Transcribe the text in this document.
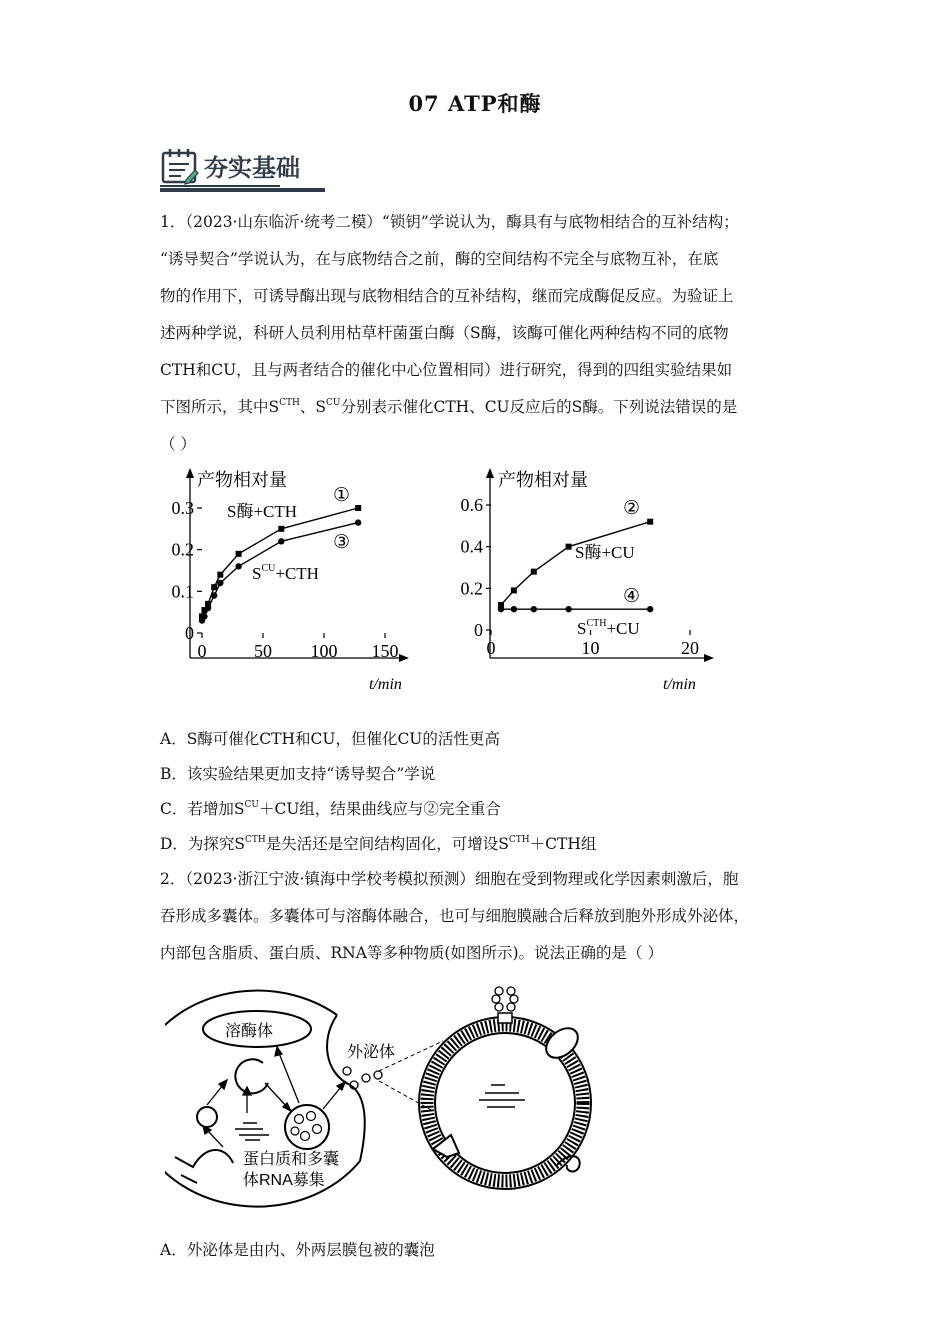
07 ATP和酶
夯实基础
1．（2023·山东临沂·统考二模）“锁钥”学说认为，酶具有与底物相结合的互补结构；
“诱导契合”学说认为，在与底物结合之前，酶的空间结构不完全与底物互补，在底
物的作用下，可诱导酶出现与底物相结合的互补结构，继而完成酶促反应。为验证上
述两种学说，科研人员利用枯草杆菌蛋白酶（S酶，该酶可催化两种结构不同的底物
CTH和CU，且与两者结合的催化中心位置相同）进行研究，得到的四组实验结果如
下图所示，其中$S^{CTH}$、$S^{CU}$分别表示催化CTH、CU反应后的S酶。下列说法错误的是
（ ）
产物相对量
t/min
0	50 100 150
0
0.1
0.2
0.3 S酶+CTH
①
③
$S^{CU}+CTH$
产物相对量
t/min
0	10	20
0
0.2
0.4
0.6	②
S酶+CU
④
$S^{CTH}+CU$
A．S酶可催化CTH和CU，但催化CU的活性更高
B．该实验结果更加支持“诱导契合”学说
C．若增加$S^{CU}+CU$组，结果曲线应与②完全重合
D．为探究$S^{CTH}$是失活还是空间结构固化，可增设$S^{CTH}+CTH$组
2．（2023·浙江宁波·镇海中学校考模拟预测）细胞在受到物理或化学因素刺激后，胞
吞形成多囊体。多囊体可与溶酶体融合，也可与细胞膜融合后释放到胞外形成外泌体，
内部包含脂质、蛋白质、RNA等多种物质(如图所示)。说法正确的是（ ）
溶酶体
外泌体
蛋白质和多囊
体RNA募集
A．外泌体是由内、外两层膜包被的囊泡
